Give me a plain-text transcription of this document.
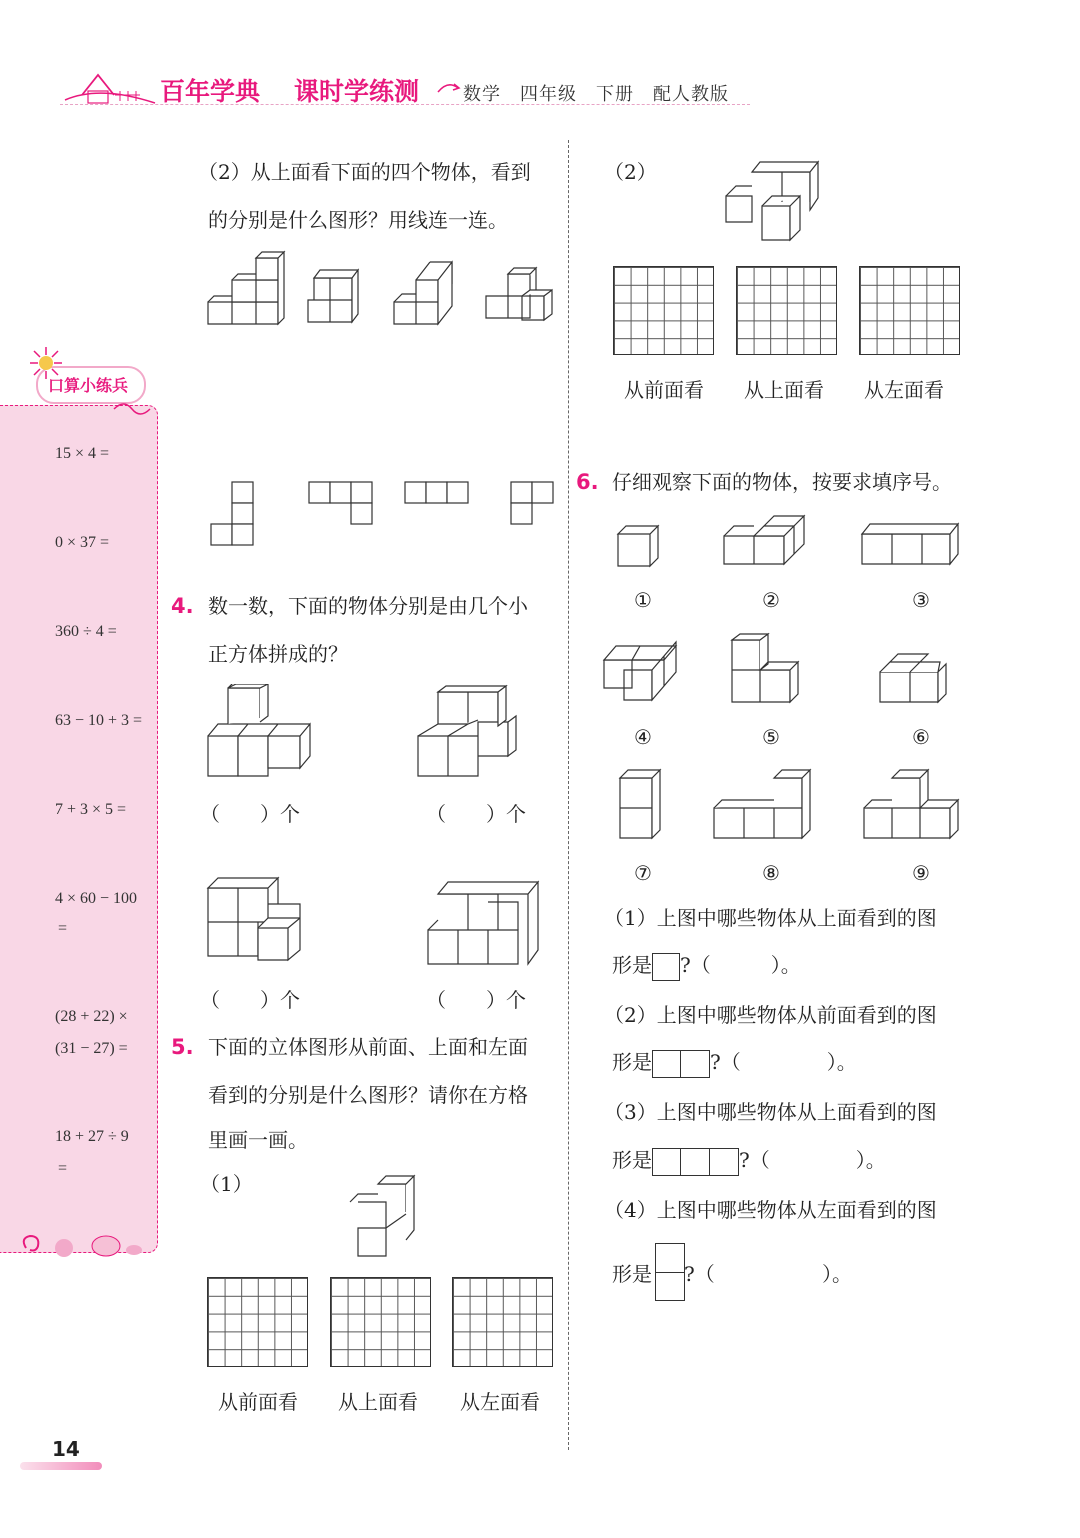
百年学典 课时学练测 数学　四年级　下册　配人教版
口算小练兵
15 × 4 =
0 × 37 =
360 ÷ 4 =
63 − 10 + 3 =
7 + 3 × 5 =
4 × 60 − 100
=
(28 + 22) ×
(31 − 27) =
18 + 27 ÷ 9
=
（2）从上面看下面的四个物体，看到
的分别是什么图形？用线连一连。
4. 数一数，下面的物体分别是由几个小
正方体拼成的？
（　　）个	（　　）个
（　　）个	（　　）个
5. 下面的立体图形从前面、上面和左面
看到的分别是什么图形？请你在方格
里画一画。
（1）
从前面看 从上面看 从左面看
（2）
从前面看 从上面看 从左面看
6. 仔细观察下面的物体，按要求填序号。
①	②	③
④	⑤	⑥
⑦	⑧	⑨
（1）上图中哪些物体从上面看到的图
形是 ?（	）。
（2）上图中哪些物体从前面看到的图
形是	?（	）。
（3）上图中哪些物体从上面看到的图
形是	?（	）。
（4）上图中哪些物体从左面看到的图
形是 ?（	）。
14
